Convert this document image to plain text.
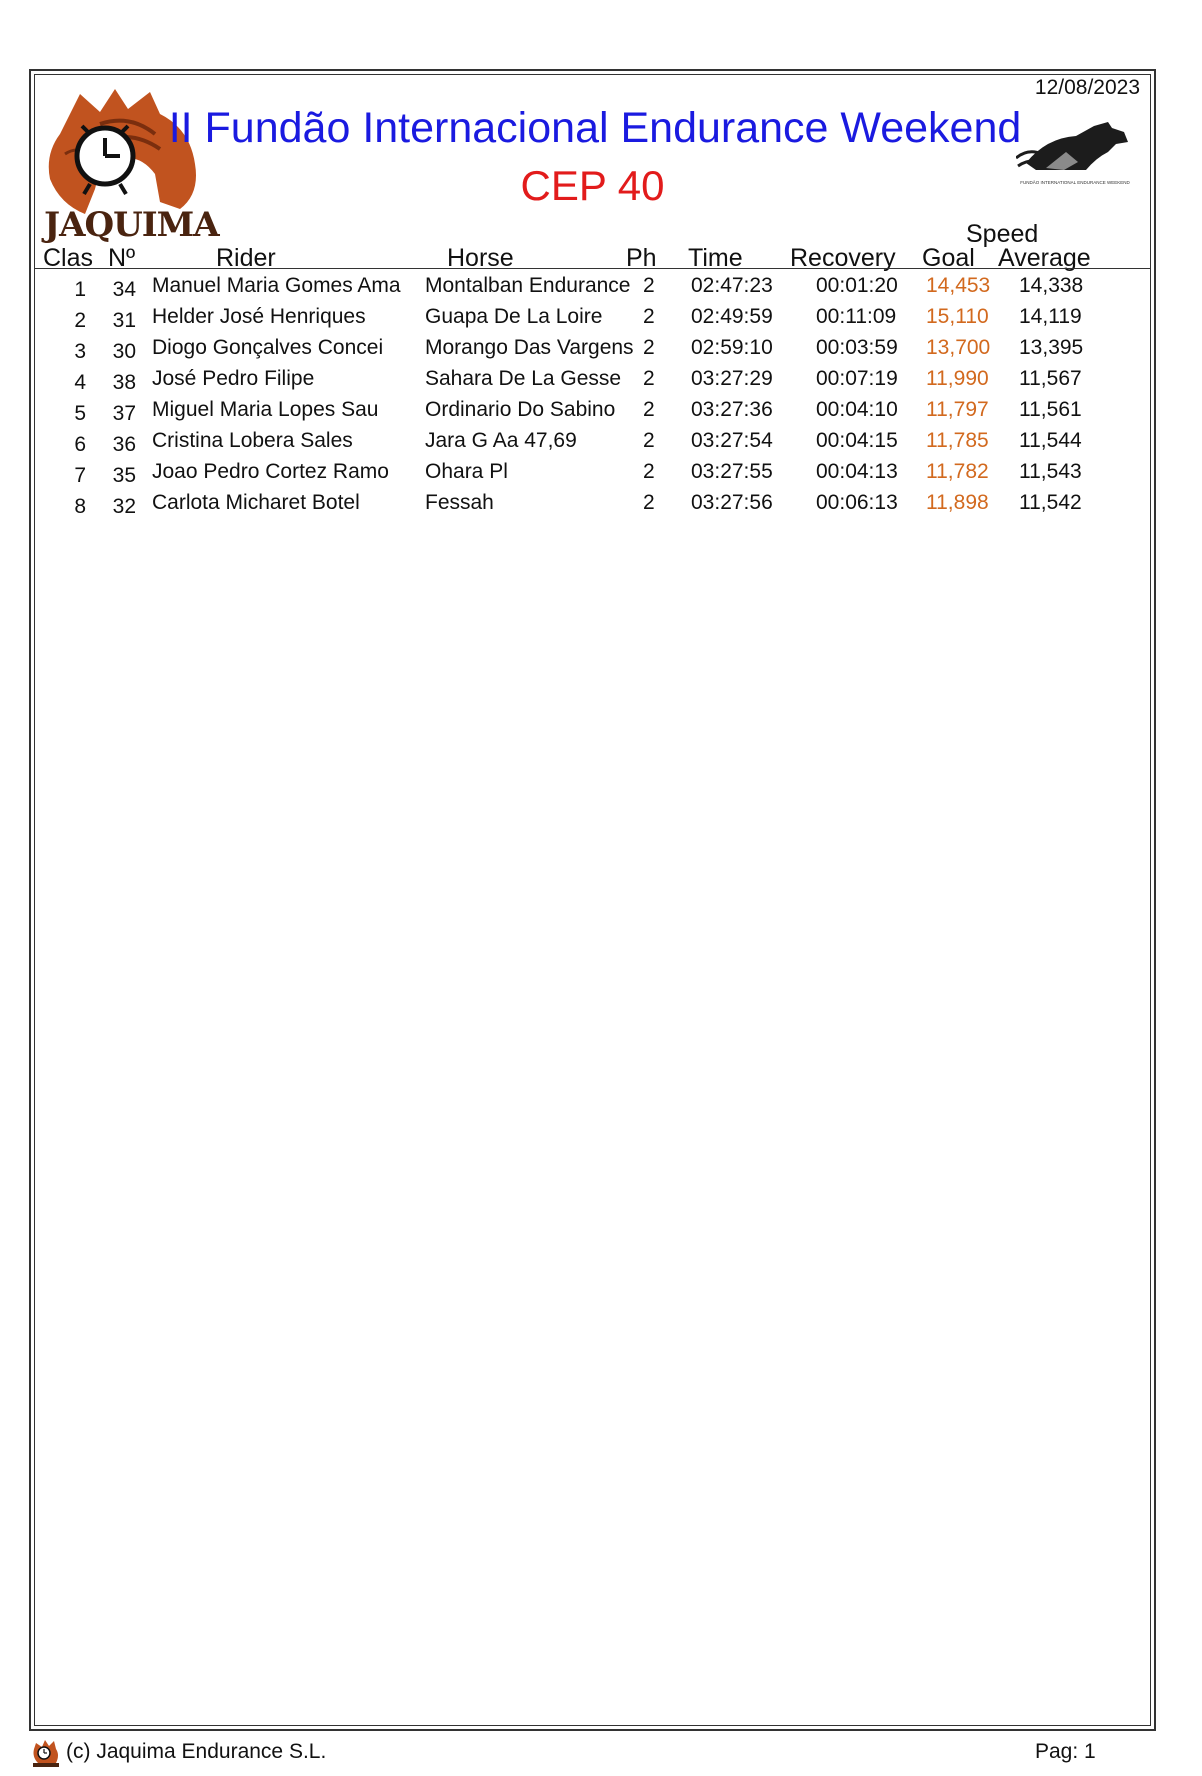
12/08/2023
JAQUIMA
II Fundão Internacional Endurance Weekend
CEP 40	FUNDÃO INTERNATIONAL ENDURANCE WEEKEND
Clas Nº	Rider	Horse	Ph Time Recovery
Speed
Goal Average
1 34 Manuel Maria Gomes Ama	Montalban Endurance 2 02:47:23 00:01:20 14,453 14,338
2 31 Helder José Henriques	Guapa De La Loire	2 02:49:59 00:11:09 15,110 14,119
3 30 Diogo Gonçalves Concei	Morango Das Vargens 2 02:59:10 00:03:59 13,700 13,395
4 38 José Pedro Filipe	Sahara De La Gesse	2 03:27:29 00:07:19 11,990 11,567
5 37 Miguel Maria Lopes Sau	Ordinario Do Sabino	2 03:27:36 00:04:10 11,797 11,561
6 36 Cristina Lobera Sales	Jara G Aa 47,69	2 03:27:54 00:04:15 11,785 11,544
7 35 Joao Pedro Cortez Ramo	Ohara Pl	2 03:27:55 00:04:13 11,782 11,543
8 32 Carlota Micharet Botel	Fessah	2 03:27:56 00:06:13 11,898 11,542
(c) Jaquima Endurance S.L.	Pag: 1
